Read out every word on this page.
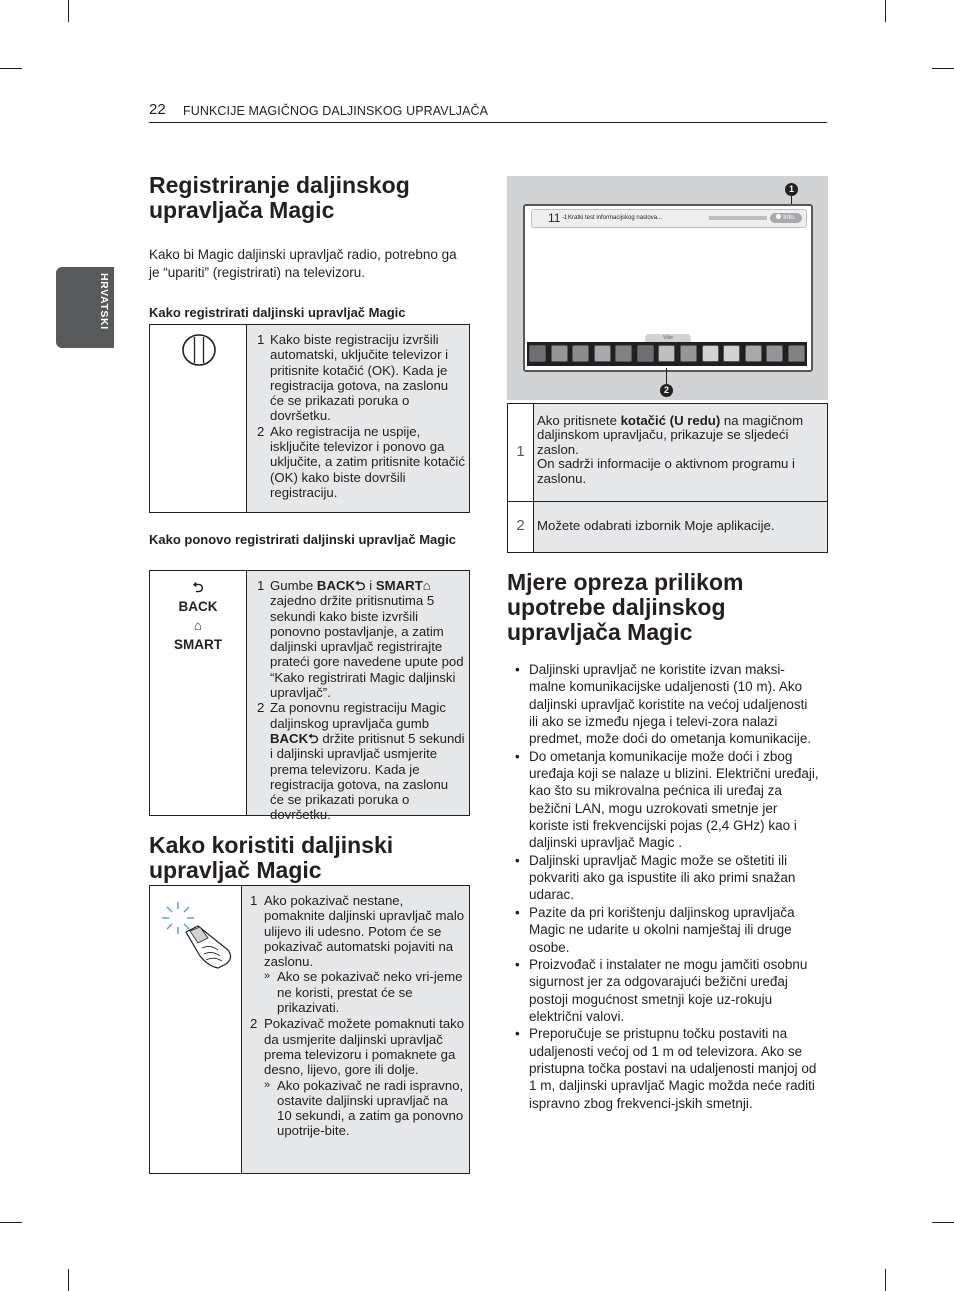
22 FUNKCIJE MAGIČNOG DALJINSKOG UPRAVLJAČA
HRVATSKI
Registriranje daljinskog upravljača Magic

Kako bi Magic daljinski upravljač radio, potrebno ga je “upariti” (registrirati) na televizoru.

Kako registrirati daljinski upravljač Magic

1 Kako biste registraciju izvršili automatski, uključite televizor i pritisnite kotačić (OK). Kada je registracija gotova, na zaslonu će se prikazati poruka o dovršetku.
2 Ako registracija ne uspije, isključite televizor i ponovo ga uključite, a zatim pritisnite kotačić (OK) kako biste dovršili registraciju.

Kako ponovo registrirati daljinski upravljač Magic

⮌
BACK
⌂
SMART
1 Gumbe BACK⮌ i SMART⌂ zajedno držite pritisnutima 5 sekundi kako biste izvršili ponovno postavljanje, a zatim daljinski upravljač registrirajte prateći gore navedene upute pod “Kako registrirati Magic daljinski upravljač”.
2 Za ponovnu registraciju Magic daljinskog upravljača gumb BACK⮌ držite pritisnut 5 sekundi i daljinski upravljač usmjerite prema televizoru. Kada je registracija gotova, na zaslonu će se prikazati poruka o dovršetku.
Kako koristiti daljinski upravljač Magic
1 Ako pokazivač nestane, pomaknite daljinski upravljač malo ulijevo ili udesno. Potom će se pokazivač automatski pojaviti na zaslonu.
» Ako se pokazivač neko vri-jeme ne koristi, prestat će se prikazivati.
2 Pokazivač možete pomaknuti tako da usmjerite daljinski upravljač prema televizoru i pomaknete ga desno, lijevo, gore ili dolje.
» Ako pokazivač ne radi ispravno, ostavite daljinski upravljač na 10 sekundi, a zatim ga ponovno upotrije-bite.
1
11 -1 Kratki test informacijskog naslova...	Info.
Više
2
1
Ako pritisnete kotačić (U redu) na magičnom daljinskom upravljaču, prikazuje se sljedeći zaslon.
On sadrži informacije o aktivnom programu i zaslonu.
2 Možete odabrati izbornik Moje aplikacije.
Mjere opreza prilikom upotrebe daljinskog upravljača Magic
• Daljinski upravljač ne koristite izvan maksi-malne komunikacijske udaljenosti (10 m). Ako daljinski upravljač koristite na većoj udaljenosti ili ako se između njega i televi-zora nalazi predmet, može doći do ometanja komunikacije.
• Do ometanja komunikacije može doći i zbog uređaja koji se nalaze u blizini. Električni uređaji, kao što su mikrovalna pećnica ili uređaj za bežični LAN, mogu uzrokovati smetnje jer koriste isti frekvencijski pojas (2,4 GHz) kao i daljinski upravljač Magic .
• Daljinski upravljač Magic može se oštetiti ili pokvariti ako ga ispustite ili ako primi snažan udarac.
• Pazite da pri korištenju daljinskog upravljača Magic ne udarite u okolni namještaj ili druge osobe.
• Proizvođač i instalater ne mogu jamčiti osobnu sigurnost jer za odgovarajući bežični uređaj postoji mogućnost smetnji koje uz-rokuju električni valovi.
• Preporučuje se pristupnu točku postaviti na udaljenosti većoj od 1 m od televizora. Ako se pristupna točka postavi na udaljenosti manjoj od 1 m, daljinski upravljač Magic možda neće raditi ispravno zbog frekvenci-jskih smetnji.
